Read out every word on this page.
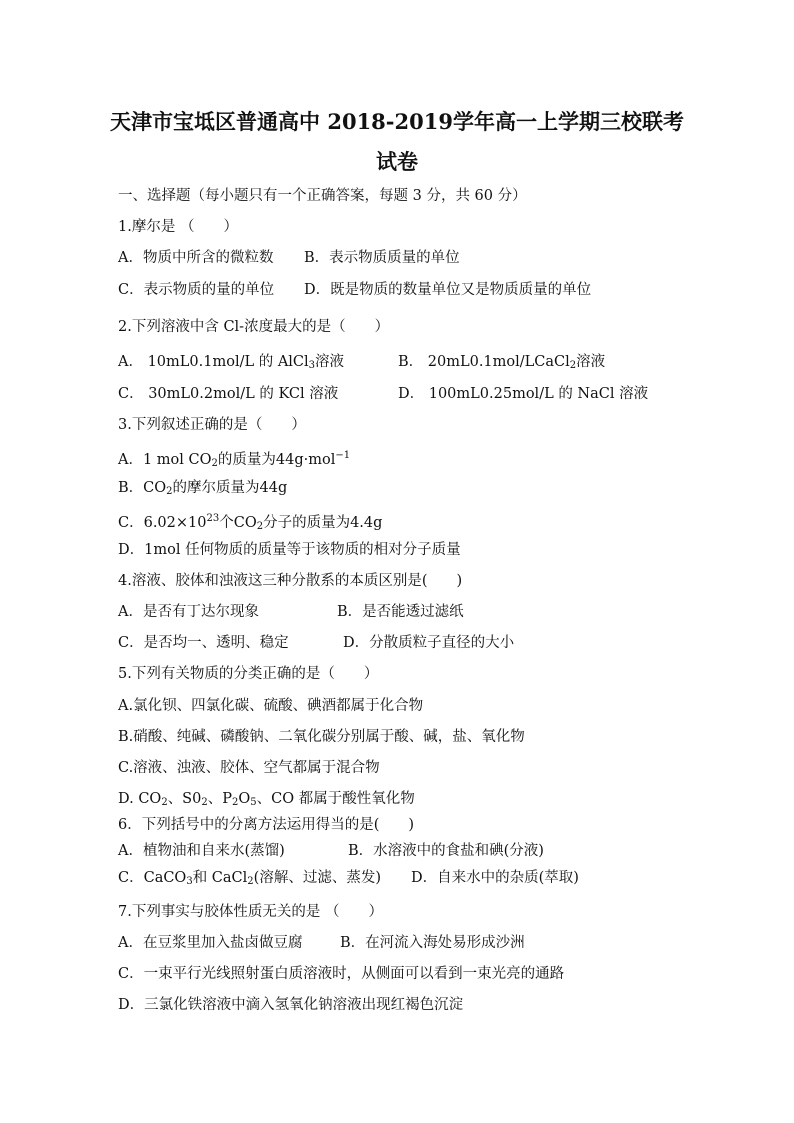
天津市宝坻区普通高中 2018-2019学年高一上学期三校联考
试卷
一、选择题（每小题只有一个正确答案，每题 3 分，共 60 分）
1.摩尔是 （　　）
A．物质中所含的微粒数 B．表示物质质量的单位
C．表示物质的量的单位 D．既是物质的数量单位又是物质质量的单位
2.下列溶液中含 Cl-浓度最大的是（　　）
A． 10mL0.1mol/L 的 AlCl$_3$溶液	B． 20mL0.1mol/LCaCl$_2$溶液
C． 30mL0.2mol/L 的 KCl 溶液	D． 100mL0.25mol/L 的 NaCl 溶液
3.下列叙述正确的是（　　）
A．1 mol $CO_2$的质量为44g·mol$^{-1}$
B．$CO_2$的摩尔质量为44g
C．$6.02\times 10^{23}$个$CO_2$分子的质量为4.4g
D．1mol 任何物质的质量等于该物质的相对分子质量
4.溶液、胶体和浊液这三种分散系的本质区别是(　　)
A．是否有丁达尔现象	B．是否能透过滤纸
C．是否均一、透明、稳定	D．分散质粒子直径的大小
5.下列有关物质的分类正确的是（　　）
A.氯化钡、四氯化碳、硫酸、碘酒都属于化合物
B.硝酸、纯碱、磷酸钠、二氧化碳分别属于酸、碱，盐、氧化物
C.溶液、浊液、胶体、空气都属于混合物
D. $CO_2$、$S0_2$、$P_2O_5$、CO 都属于酸性氧化物
6．下列括号中的分离方法运用得当的是(　　)
A．植物油和自来水(蒸馏)	B．水溶液中的食盐和碘(分液)
C．CaCO$_3$和 CaCl$_2$(溶解、过滤、蒸发) D．自来水中的杂质(萃取)
7.下列事实与胶体性质无关的是 （　　）
A．在豆浆里加入盐卤做豆腐	B．在河流入海处易形成沙洲
C．一束平行光线照射蛋白质溶液时，从侧面可以看到一束光亮的通路
D．三氯化铁溶液中滴入氢氧化钠溶液出现红褐色沉淀
